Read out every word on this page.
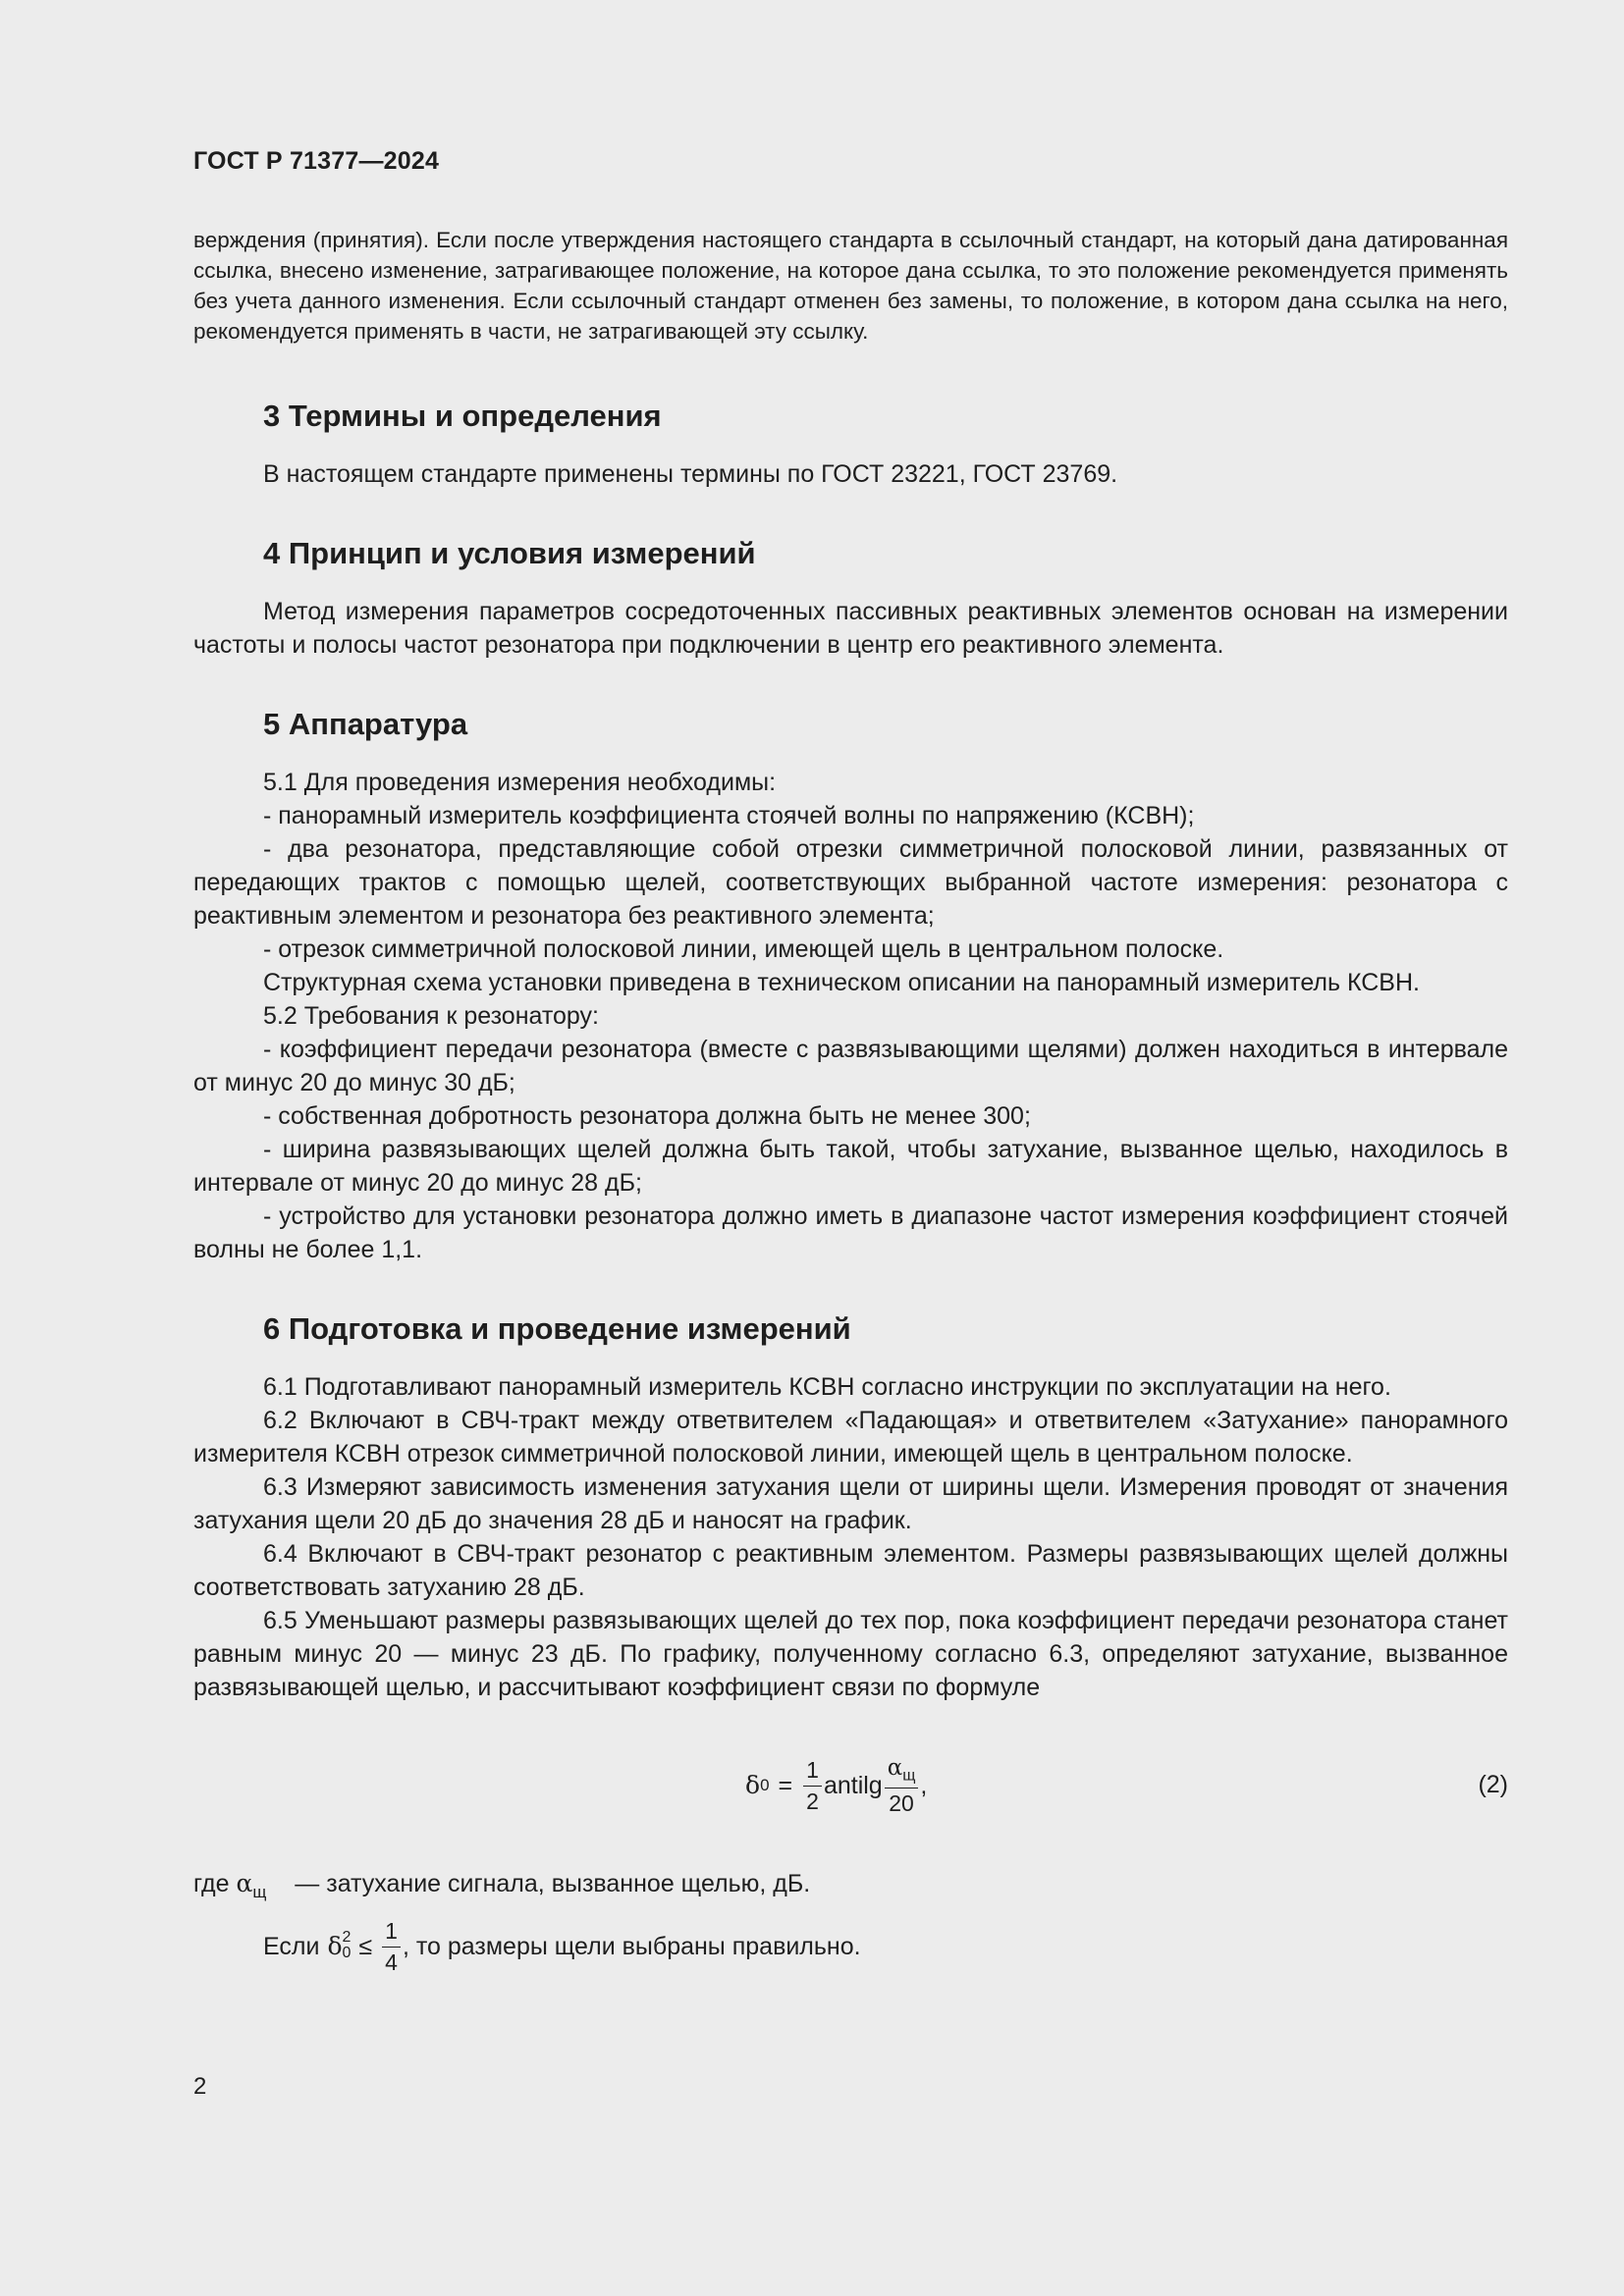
ГОСТ Р 71377—2024
верждения (принятия). Если после утверждения настоящего стандарта в ссылочный стандарт, на который дана датированная ссылка, внесено изменение, затрагивающее положение, на которое дана ссылка, то это положение рекомендуется применять без учета данного изменения. Если ссылочный стандарт отменен без замены, то положение, в котором дана ссылка на него, рекомендуется применять в части, не затрагивающей эту ссылку.
3 Термины и определения

В настоящем стандарте применены термины по ГОСТ 23221, ГОСТ 23769.

4 Принцип и условия измерений

Метод измерения параметров сосредоточенных пассивных реактивных элементов основан на измерении частоты и полосы частот резонатора при подключении в центр его реактивного элемента.

5 Аппаратура

5.1 Для проведения измерения необходимы:

- панорамный измеритель коэффициента стоячей волны по напряжению (КСВН);

- два резонатора, представляющие собой отрезки симметричной полосковой линии, развязанных от передающих трактов с помощью щелей, соответствующих выбранной частоте измерения: резонатора с реактивным элементом и резонатора без реактивного элемента;

- отрезок симметричной полосковой линии, имеющей щель в центральном полоске.

Структурная схема установки приведена в техническом описании на панорамный измеритель КСВН.

5.2 Требования к резонатору:

- коэффициент передачи резонатора (вместе с развязывающими щелями) должен находиться в интервале от минус 20 до минус 30 дБ;

- собственная добротность резонатора должна быть не менее 300;

- ширина развязывающих щелей должна быть такой, чтобы затухание, вызванное щелью, находилось в интервале от минус 20 до минус 28 дБ;

- устройство для установки резонатора должно иметь в диапазоне частот измерения коэффициент стоячей волны не более 1,1.

6 Подготовка и проведение измерений

6.1 Подготавливают панорамный измеритель КСВН согласно инструкции по эксплуатации на него.

6.2 Включают в СВЧ-тракт между ответвителем «Падающая» и ответвителем «Затухание» панорамного измерителя КСВН отрезок симметричной полосковой линии, имеющей щель в центральном полоске.

6.3 Измеряют зависимость изменения затухания щели от ширины щели. Измерения проводят от значения затухания щели 20 дБ до значения 28 дБ и наносят на график.

6.4 Включают в СВЧ-тракт резонатор с реактивным элементом. Размеры развязывающих щелей должны соответствовать затуханию 28 дБ.

6.5 Уменьшают размеры развязывающих щелей до тех пор, пока коэффициент передачи резонатора станет равным минус 20 — минус 23 дБ. По графику, полученному согласно 6.3, определяют затухание, вызванное развязывающей щелью, и рассчитывают коэффициент связи по формуле

δ $0 = \frac{1}{2}$ antilg $\frac{\alpha_щ}{20}$ ,	(2)

где $\alpha_щ$ — затухание сигнала, вызванное щелью, дБ.

Если δ 2
$0 \le \frac{1}{4}$ , то размеры щели выбраны правильно.
2
